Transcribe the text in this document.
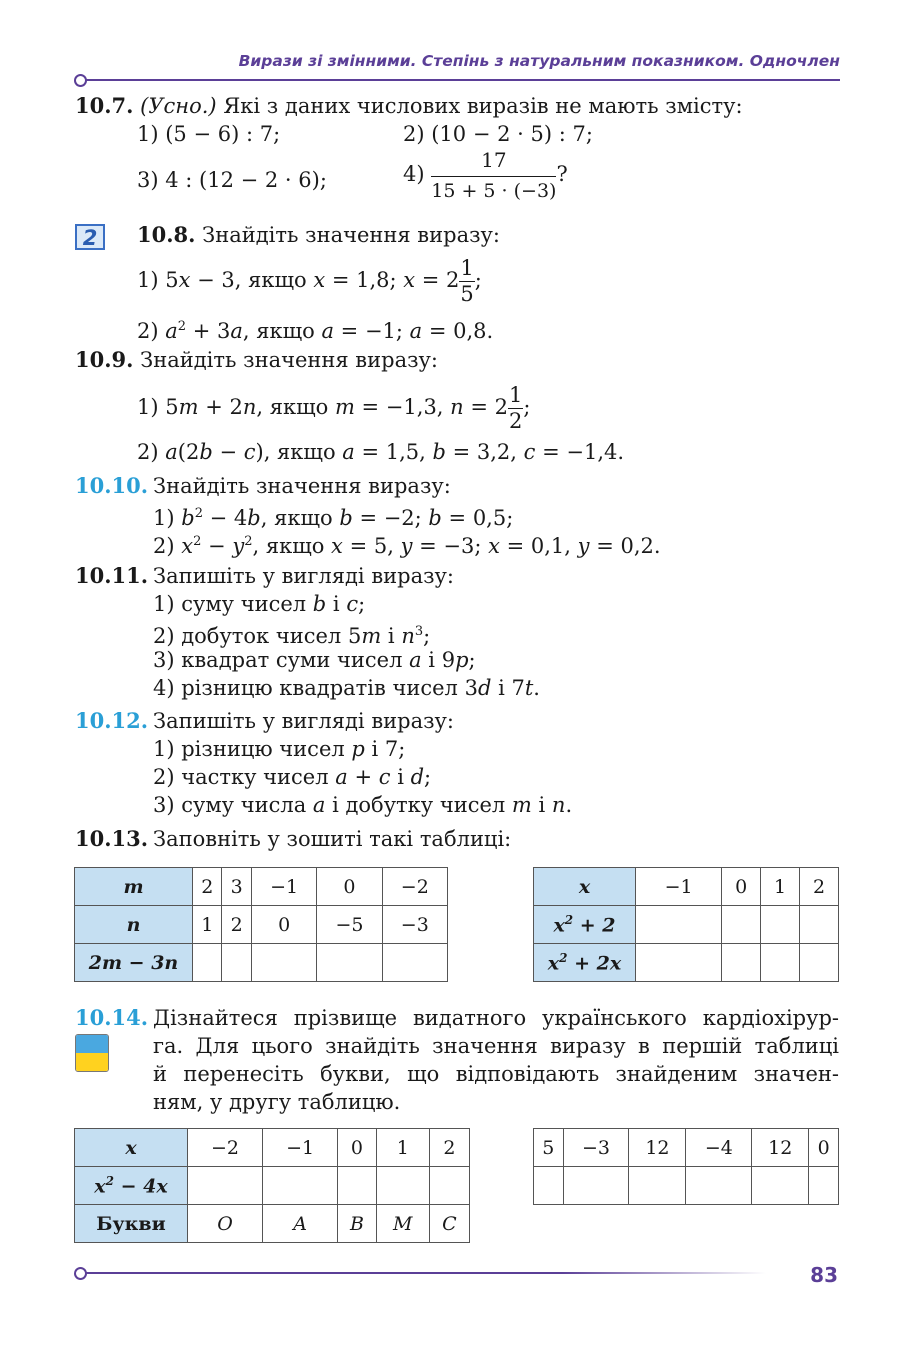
Вирази зі змінними. Степінь з натуральним показником. Одночлен
10.7. (Усно.) Які з даних числових виразів не мають змісту:
1) (5 − 6) : 7;	2) (10 − 2 · 5) : 7;
3) 4 : (12 − 2 · 6);	$4) \frac{17}{15 + 5 \cdot (-3)}$ ?
2 10.8. Знайдіть значення виразу:
1) 5x − 3, якщо x = 1,8; $x = 2 \frac{1}{5}$ ;
2) $a^2 + 3a$, якщо a = −1; a = 0,8.
10.9. Знайдіть значення виразу:
1) 5m + 2n, якщо m = −1,3, $n = 2 \frac{1}{2}$ ;
2) a(2b − c), якщо a = 1,5, b = 3,2, c = −1,4.
10.10. Знайдіть значення виразу:
1) $b^2 - 4b$, якщо b = −2; b = 0,5;
2) $x^2 - y^2$, якщо x = 5, y = −3; x = 0,1, y = 0,2.
10.11. Запишіть у вигляді виразу:
1) суму чисел b і c;
2) добуток чисел 5m і $n^3$;
3) квадрат суми чисел a і 9p;
4) різницю квадратів чисел 3d і 7t.
10.12. Запишіть у вигляді виразу:
1) різницю чисел p і 7;
2) частку чисел a + c і d;
3) суму числа a і добутку чисел m і n.
10.13. Заповніть у зошиті такі таблиці:
m	2	3	−1	0	−2
n	1	2	0	−5	−3
2m − 3n					
x	−1	0	1	2
$x^2 + 2$				
$x^2 + 2x$				
10.14. Дізнайтеся прізвище видатного українського кардіохірур-
га. Для цього знайдіть значення виразу в першій таблиці
й перенесіть букви, що відповідають знайденим значен-
ням, у другу таблицю.
x	−2	−1	0	1	2
$x^2 - 4x$					
Букви	O	A	B	M	C
5	−3	12	−4	12	0

83
